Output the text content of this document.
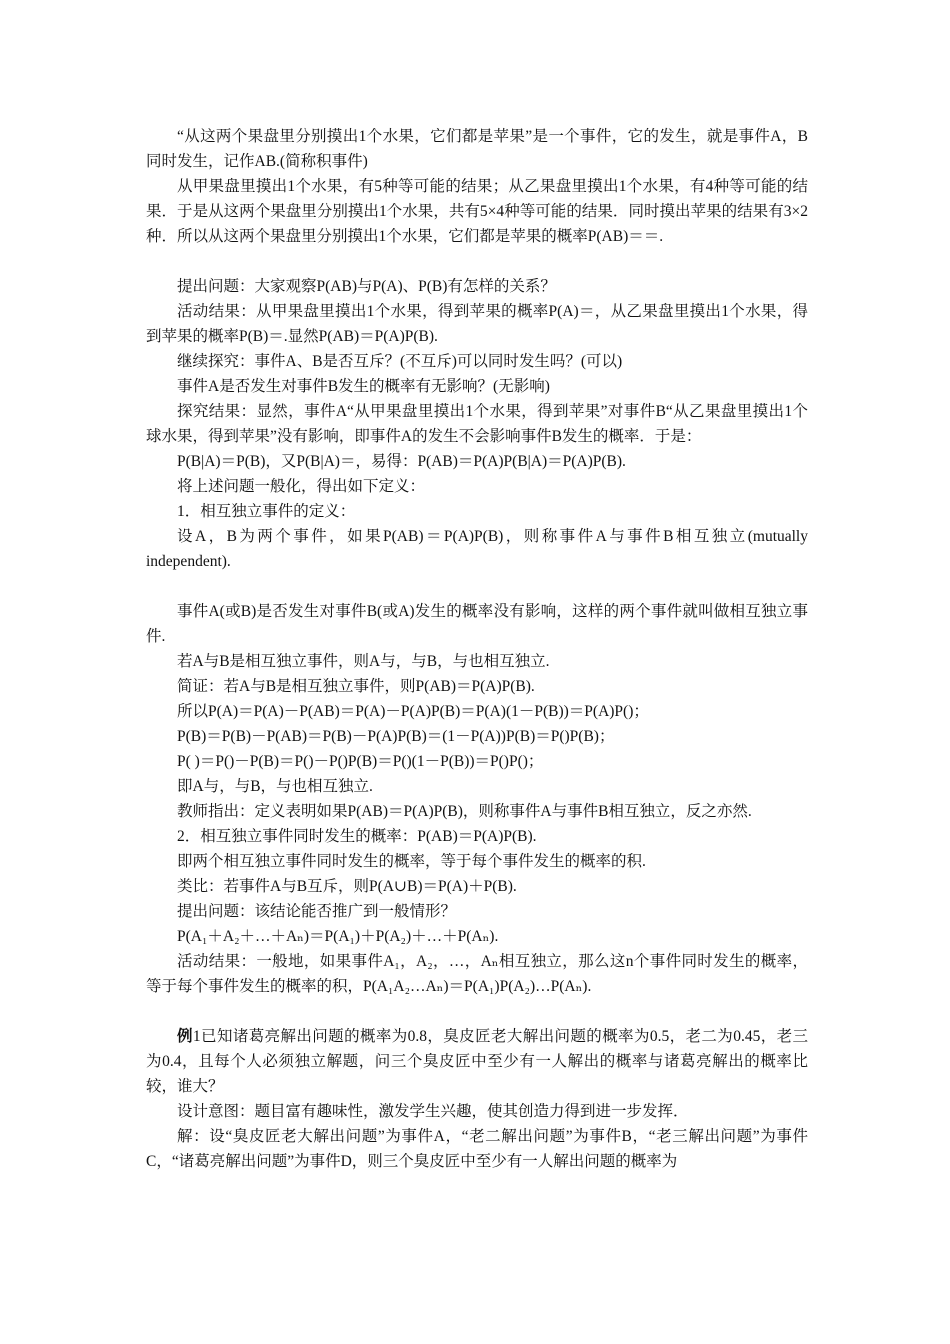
“从这两个果盘里分别摸出1个水果，它们都是苹果”是一个事件，它的发生，就是事件A，B同时发生，记作AB.(简称积事件)

从甲果盘里摸出1个水果，有5种等可能的结果；从乙果盘里摸出1个水果，有4种等可能的结果．于是从这两个果盘里分别摸出1个水果，共有5×4种等可能的结果．同时摸出苹果的结果有3×2种．所以从这两个果盘里分别摸出1个水果，它们都是苹果的概率P(AB)＝＝.

提出问题：大家观察P(AB)与P(A)、P(B)有怎样的关系？

活动结果：从甲果盘里摸出1个水果，得到苹果的概率P(A)＝，从乙果盘里摸出1个水果，得到苹果的概率P(B)＝.显然P(AB)＝P(A)P(B).

继续探究：事件A、B是否互斥？(不互斥)可以同时发生吗？(可以)

事件A是否发生对事件B发生的概率有无影响？(无影响)

探究结果：显然，事件A“从甲果盘里摸出1个水果，得到苹果”对事件B“从乙果盘里摸出1个球水果，得到苹果”没有影响，即事件A的发生不会影响事件B发生的概率．于是：

P(B|A)＝P(B)，又P(B|A)＝，易得：P(AB)＝P(A)P(B|A)＝P(A)P(B).

将上述问题一般化，得出如下定义：

1．相互独立事件的定义：

设A，B为两个事件，如果P(AB)＝P(A)P(B)，则称事件A与事件B相互独立(mutually independent).

事件A(或B)是否发生对事件B(或A)发生的概率没有影响，这样的两个事件就叫做相互独立事件.

若A与B是相互独立事件，则A与，与B，与也相互独立.

简证：若A与B是相互独立事件，则P(AB)＝P(A)P(B).

所以P(A)＝P(A)－P(AB)＝P(A)－P(A)P(B)＝P(A)(1－P(B))＝P(A)P()；

P(B)＝P(B)－P(AB)＝P(B)－P(A)P(B)＝(1－P(A))P(B)＝P()P(B)；

P( )＝P()－P(B)＝P()－P()P(B)＝P()(1－P(B))＝P()P()；

即A与，与B，与也相互独立.

教师指出：定义表明如果P(AB)＝P(A)P(B)，则称事件A与事件B相互独立，反之亦然.

2．相互独立事件同时发生的概率：P(AB)＝P(A)P(B).

即两个相互独立事件同时发生的概率，等于每个事件发生的概率的积.

类比：若事件A与B互斥，则P(A∪B)＝P(A)＋P(B).

提出问题：该结论能否推广到一般情形？

P(A₁＋A₂＋…＋Aₙ)＝P(A₁)＋P(A₂)＋…＋P(Aₙ).

活动结果：一般地，如果事件A₁，A₂，…，Aₙ相互独立，那么这n个事件同时发生的概率，等于每个事件发生的概率的积，P(A₁A₂…Aₙ)＝P(A₁)P(A₂)…P(Aₙ).

例1已知诸葛亮解出问题的概率为0.8，臭皮匠老大解出问题的概率为0.5，老二为0.45，老三为0.4，且每个人必须独立解题，问三个臭皮匠中至少有一人解出的概率与诸葛亮解出的概率比较，谁大？

设计意图：题目富有趣味性，激发学生兴趣，使其创造力得到进一步发挥．

解：设“臭皮匠老大解出问题”为事件A，“老二解出问题”为事件B，“老三解出问题”为事件C，“诸葛亮解出问题”为事件D，则三个臭皮匠中至少有一人解出问题的概率为
